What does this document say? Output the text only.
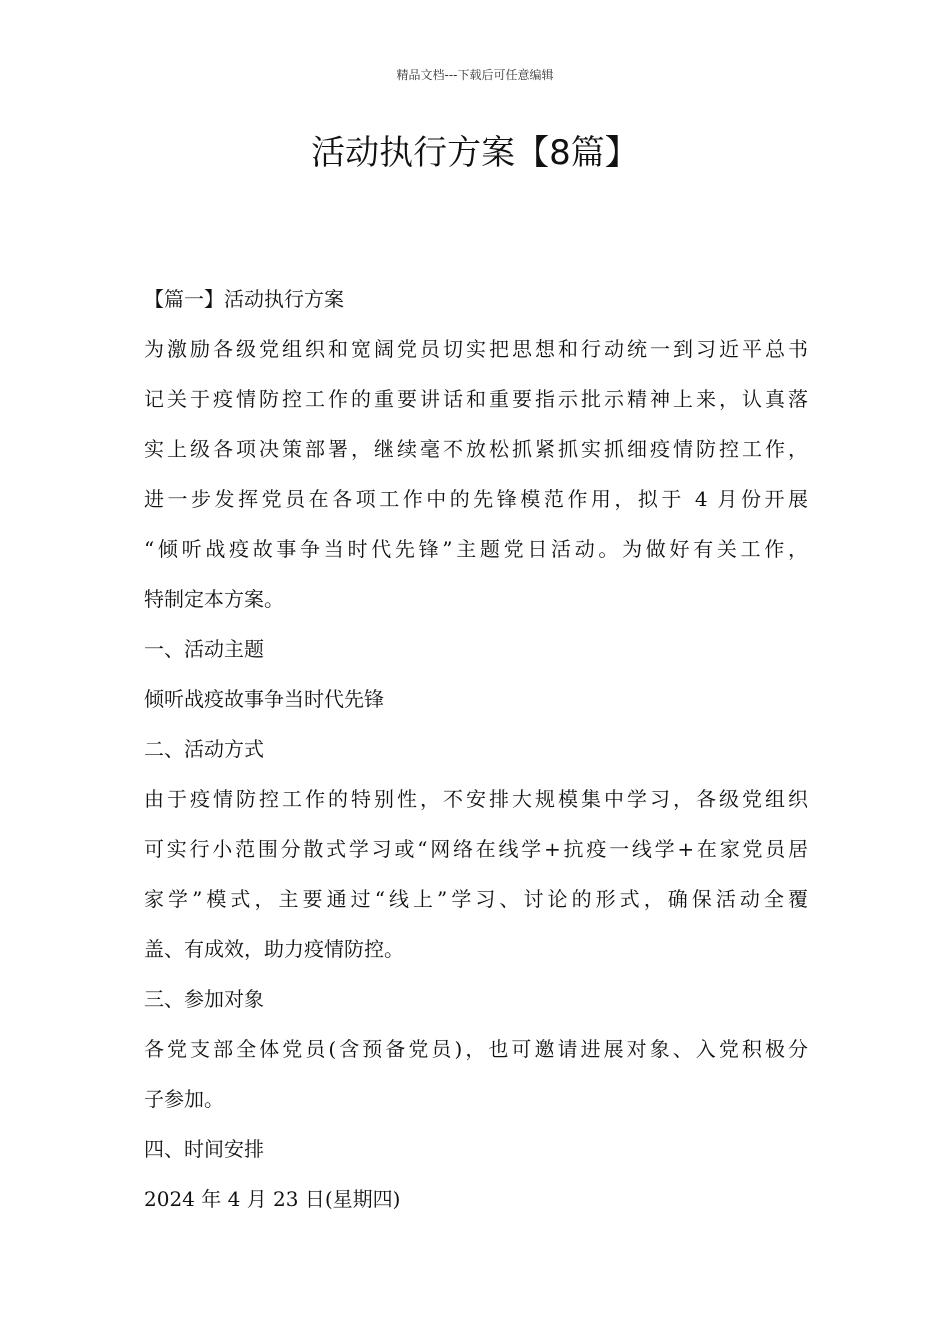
精品文档---下载后可任意编辑
活动执行方案【8篇】
【篇一】活动执行方案
为激励各级党组织和宽阔党员切实把思想和行动统一到习近平总书
记关于疫情防控工作的重要讲话和重要指示批示精神上来，认真落
实上级各项决策部署，继续毫不放松抓紧抓实抓细疫情防控工作，
进一步发挥党员在各项工作中的先锋模范作用，拟于 4 月份开展
“倾听战疫故事争当时代先锋”主题党日活动。为做好有关工作，
特制定本方案。
一、活动主题
倾听战疫故事争当时代先锋
二、活动方式
由于疫情防控工作的特别性，不安排大规模集中学习，各级党组织
可实行小范围分散式学习或“网络在线学+抗疫一线学+在家党员居
家学”模式，主要通过“线上”学习、讨论的形式，确保活动全覆
盖、有成效，助力疫情防控。
三、参加对象
各党支部全体党员(含预备党员)，也可邀请进展对象、入党积极分
子参加。
四、时间安排
2024 年 4 月 23 日(星期四)
